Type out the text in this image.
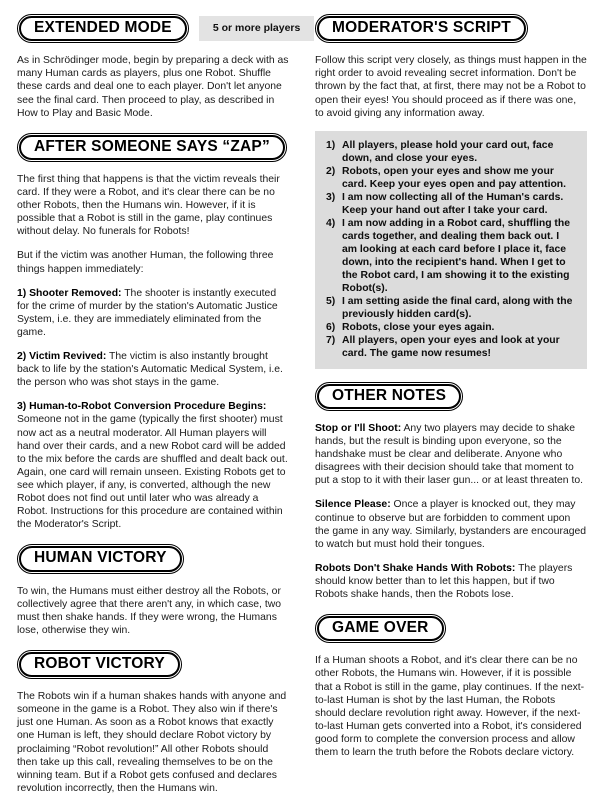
EXTENDED MODE	5 or more players

As in Schrödinger mode, begin by preparing a deck with as many Human cards as players, plus one Robot. Shuffle these cards and deal one to each player. Don't let anyone see the final card. Then proceed to play, as described in How to Play and Basic Mode.

AFTER SOMEONE SAYS “ZAP”

The first thing that happens is that the victim reveals their card. If they were a Robot, and it's clear there can be no other Robots, then the Humans win. However, if it is possible that a Robot is still in the game, play continues without delay. No funerals for Robots!

But if the victim was another Human, the following three things happen immediately:

1) Shooter Removed: The shooter is instantly executed for the crime of murder by the station's Automatic Justice System, i.e. they are immediately eliminated from the game.

2) Victim Revived: The victim is also instantly brought back to life by the station's Automatic Medical System, i.e. the person who was shot stays in the game.

3) Human-to-Robot Conversion Procedure Begins: Someone not in the game (typically the first shooter) must now act as a neutral moderator. All Human players will hand over their cards, and a new Robot card will be added to the mix before the cards are shuffled and dealt back out. Again, one card will remain unseen. Existing Robots get to see which player, if any, is converted, although the new Robot does not find out until later who was already a Robot. Instructions for this procedure are contained within the Moderator's Script.

HUMAN VICTORY

To win, the Humans must either destroy all the Robots, or collectively agree that there aren't any, in which case, two must then shake hands. If they were wrong, the Humans lose, otherwise they win.

ROBOT VICTORY

The Robots win if a human shakes hands with anyone and someone in the game is a Robot. They also win if there's just one Human. As soon as a Robot knows that exactly one Human is left, they should declare Robot victory by proclaiming “Robot revolution!” All other Robots should then take up this call, revealing themselves to be on the winning team. But if a Robot gets confused and declares revolution incorrectly, then the Humans win.

MODERATOR'S SCRIPT

Follow this script very closely, as things must happen in the right order to avoid revealing secret information. Don't be thrown by the fact that, at first, there may not be a Robot to open their eyes! You should proceed as if there was one, to avoid giving any information away.

1) All players, please hold your card out, face down, and close your eyes.
2) Robots, open your eyes and show me your card. Keep your eyes open and pay attention.
3) I am now collecting all of the Human's cards. Keep your hand out after I take your card.
4) I am now adding in a Robot card, shuffling the cards together, and dealing them back out. I am looking at each card before I place it, face down, into the recipient's hand. When I get to the Robot card, I am showing it to the existing Robot(s).
5) I am setting aside the final card, along with the previously hidden card(s).
6) Robots, close your eyes again.
7) All players, open your eyes and look at your card. The game now resumes!
OTHER NOTES

Stop or I'll Shoot: Any two players may decide to shake hands, but the result is binding upon everyone, so the handshake must be clear and deliberate. Anyone who disagrees with their decision should take that moment to put a stop to it with their laser gun... or at least threaten to.

Silence Please: Once a player is knocked out, they may continue to observe but are forbidden to comment upon the game in any way. Similarly, bystanders are encouraged to watch but must hold their tongues.

Robots Don't Shake Hands With Robots: The players should know better than to let this happen, but if two Robots shake hands, then the Robots lose.

GAME OVER

If a Human shoots a Robot, and it's clear there can be no other Robots, the Humans win. However, if it is possible that a Robot is still in the game, play continues. If the next-to-last Human is shot by the last Human, the Robots should declare revolution right away. However, if the next-to-last Human gets converted into a Robot, it's considered good form to complete the conversion process and allow them to learn the truth before the Robots declare victory.
